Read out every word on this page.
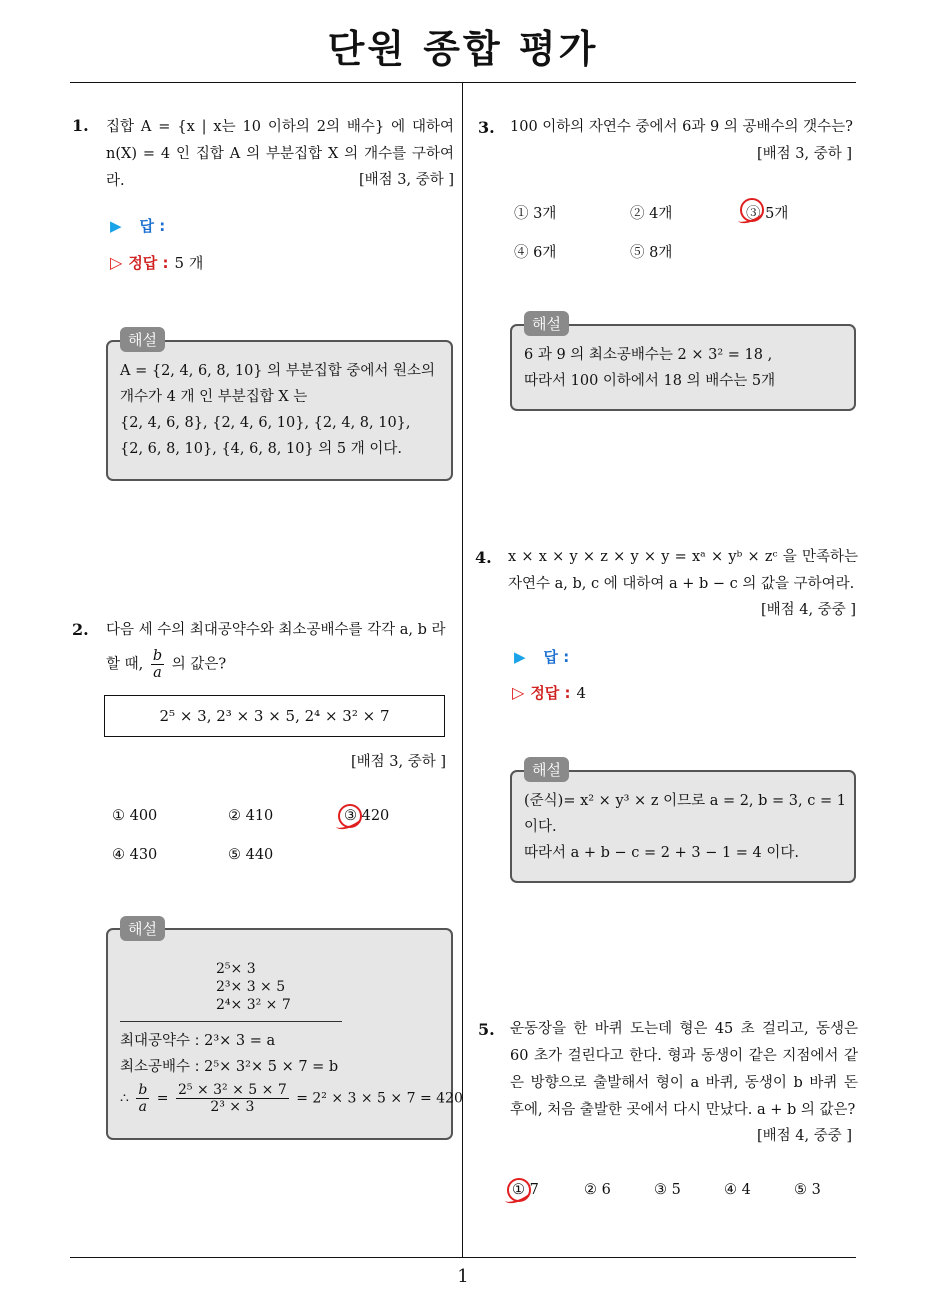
단원 종합 평가
1
1. 집합 A = {x | x는 10 이하의 2의 배수} 에 대하여 n(X) = 4 인 집합 A 의 부분집합 X 의 개수를 구하여라.	[배점 3, 중하 ]
▶ 답 :
▷ 정답 : 5 개
A = {2, 4, 6, 8, 10} 의 부분집합 중에서 원소의
개수가 4 개 인 부분집합 X 는
{2, 4, 6, 8}, {2, 4, 6, 10}, {2, 4, 8, 10},
{2, 6, 8, 10}, {4, 6, 8, 10} 의 5 개 이다.
해설
2. 다음 세 수의 최대공약수와 최소공배수를 각각 a, b 라
할 때, $\frac{b}{a}$ 의 값은?
2⁵ × 3, 2³ × 3 × 5, 2⁴ × 3² × 7
[배점 3, 중하 ]
① 400	② 410	③ 420
④ 430	⑤ 440
2⁵× 3
2³× 3 × 5
2⁴× 3² × 7
최대공약수 : 2³× 3 = a
최소공배수 : 2⁵× 3²× 5 × 7 = b
∴ $\frac{b}{a} = \frac{\text{2⁵ × 3² × 5 × 7}}{\text{2³ × 3}} = 2^2 \times 3 \times 5 \times 7 = 420$
해설
3. 100 이하의 자연수 중에서 6과 9 의 공배수의 갯수는?
[배점 3, 중하 ]
① 3개	② 4개	③ 5개
④ 6개	⑤ 8개
6 과 9 의 최소공배수는 2 × 3² = 18 ,
따라서 100 이하에서 18 의 배수는 5개
해설
4. x × x × y × z × y × y = xᵃ × yᵇ × zᶜ 을 만족하는 자연수 a, b, c 에 대하여 a + b − c 의 값을 구하여라.
[배점 4, 중중 ]
▶ 답 :
▷ 정답 : 4
(준식)= x² × y³ × z 이므로 a = 2, b = 3, c = 1
이다.
따라서 a + b − c = 2 + 3 − 1 = 4 이다.
해설
5. 운동장을 한 바퀴 도는데 형은 45 초 걸리고, 동생은 60 초가 걸린다고 한다. 형과 동생이 같은 지점에서 같은 방향으로 출발해서 형이 a 바퀴, 동생이 b 바퀴 돈 후에, 처음 출발한 곳에서 다시 만났다. a + b 의 값은?
[배점 4, 중중 ]
① 7	② 6	③ 5	④ 4	⑤ 3
